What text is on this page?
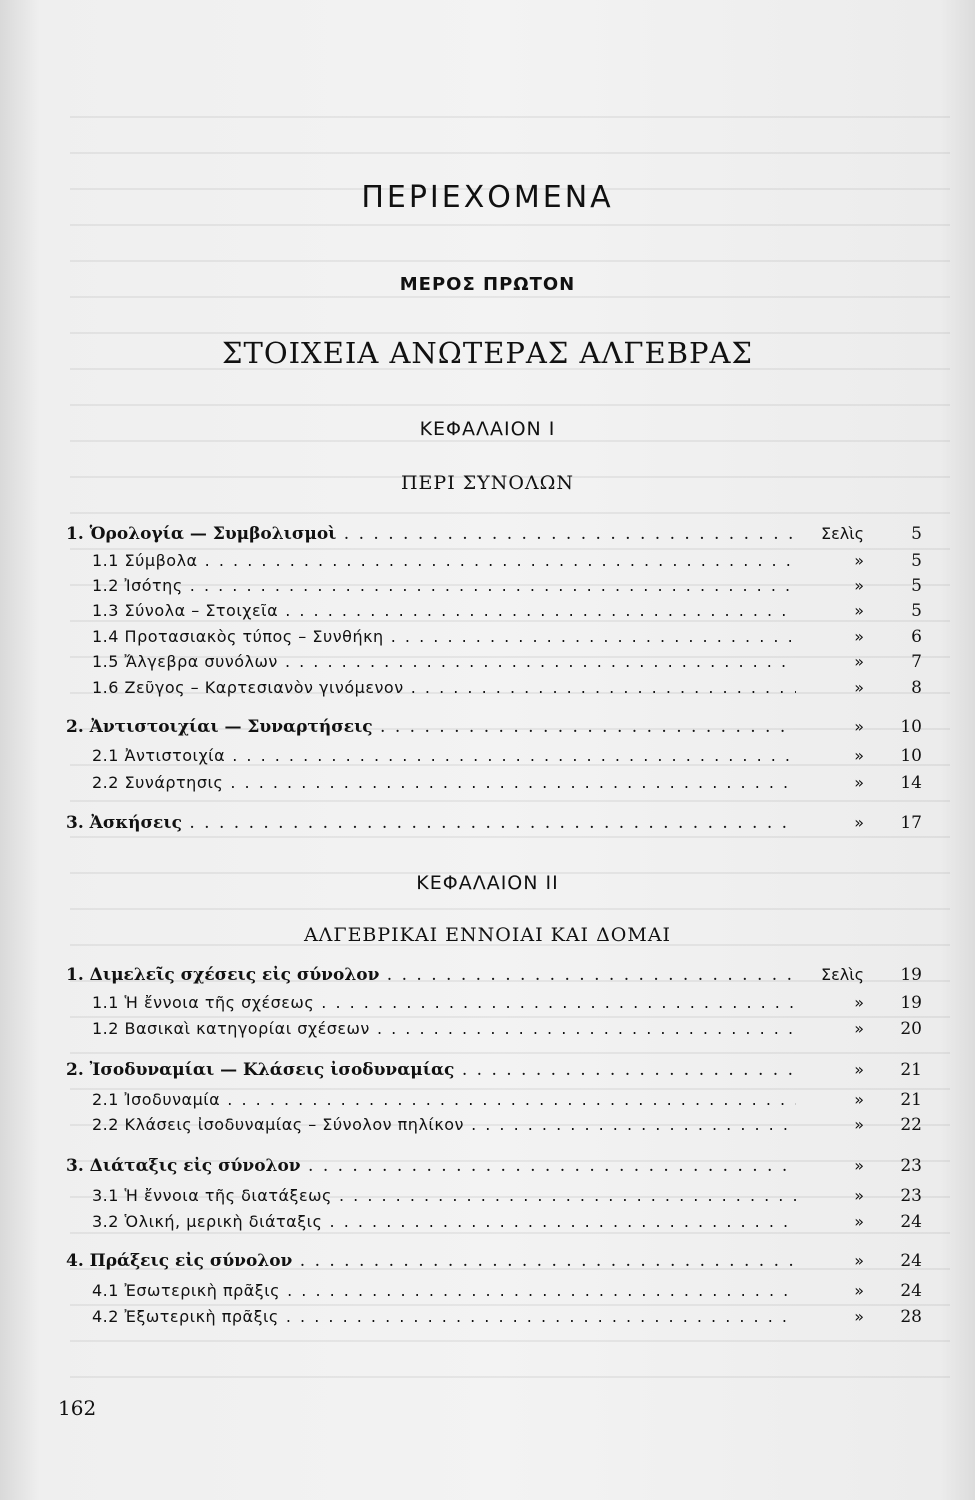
ΠΕΡΙΕΧΟΜΕΝΑ
ΜΕΡΟΣ ΠΡΩΤΟΝ
ΣΤΟΙΧΕΙΑ ΑΝΩΤΕΡΑΣ ΑΛΓΕΒΡΑΣ
ΚΕΦΑΛΑΙΟΝ I
ΠΕΡΙ ΣΥΝΟΛΩΝ
1. Ὁρολογία — Συμβολισμοὶ . . .	Σελὶς	5
1.1 Σύμβολα . . .	»	5
1.2 Ἰσότης . . .	»	5
1.3 Σύνολα – Στοιχεῖα . . .	»	5
1.4 Προτασιακὸς τύπος – Συνθήκη . . .	»	6
1.5 Ἄλγεβρα συνόλων . . .	»	7
1.6 Ζεῦγος – Καρτεσιανὸν γινόμενον . . .	»	8
2. Ἀντιστοιχίαι — Συναρτήσεις . . .	»	10
2.1 Ἀντιστοιχία . . .	»	10
2.2 Συνάρτησις . . .	»	14
3. Ἀσκήσεις . . .	»	17
ΚΕΦΑΛΑΙΟΝ II
ΑΛΓΕΒΡΙΚΑΙ ΕΝΝΟΙΑΙ ΚΑΙ ΔΟΜΑΙ
1. Διμελεῖς σχέσεις εἰς σύνολον . . .	Σελὶς	19
1.1 Ἡ ἔννοια τῆς σχέσεως . . .	»	19
1.2 Βασικαὶ κατηγορίαι σχέσεων . . .	»	20
2. Ἰσοδυναμίαι — Κλάσεις ἰσοδυναμίας . . .	»	21
2.1 Ἰσοδυναμία . . .	»	21
2.2 Κλάσεις ἰσοδυναμίας – Σύνολον πηλίκον . . .	»	22
3. Διάταξις εἰς σύνολον . . .	»	23
3.1 Ἡ ἔννοια τῆς διατάξεως . . .	»	23
3.2 Ὁλική, μερικὴ διάταξις . . .	»	24
4. Πράξεις εἰς σύνολον . . .	»	24
4.1 Ἐσωτερικὴ πρᾶξις . . .	»	24
4.2 Ἐξωτερικὴ πρᾶξις . . .	»	28
162
